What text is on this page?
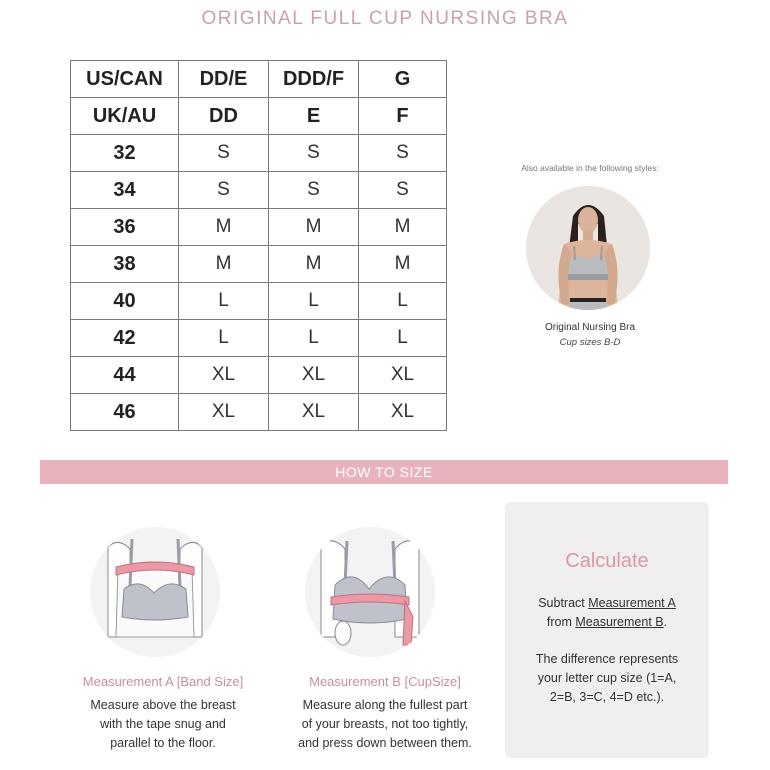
ORIGINAL FULL CUP NURSING BRA
US/CAN	DD/E	DDD/F	G
UK/AU	DD	E	F
32	S	S	S
34	S	S	S
36	M	M	M
38	M	M	M
40	L	L	L
42	L	L	L
44	XL	XL	XL
46	XL	XL	XL
Also available in the following styles:
Original Nursing Bra
Cup sizes B-D
HOW TO SIZE
Measurement A [Band Size]
Measure above the breast
with the tape snug and
parallel to the floor.
Measurement B [CupSize]
Measure along the fullest part
of your breasts, not too tightly,
and press down between them.
Calculate
Subtract Measurement A
from Measurement B.
The difference represents
your letter cup size (1=A,
2=B, 3=C, 4=D etc.).
